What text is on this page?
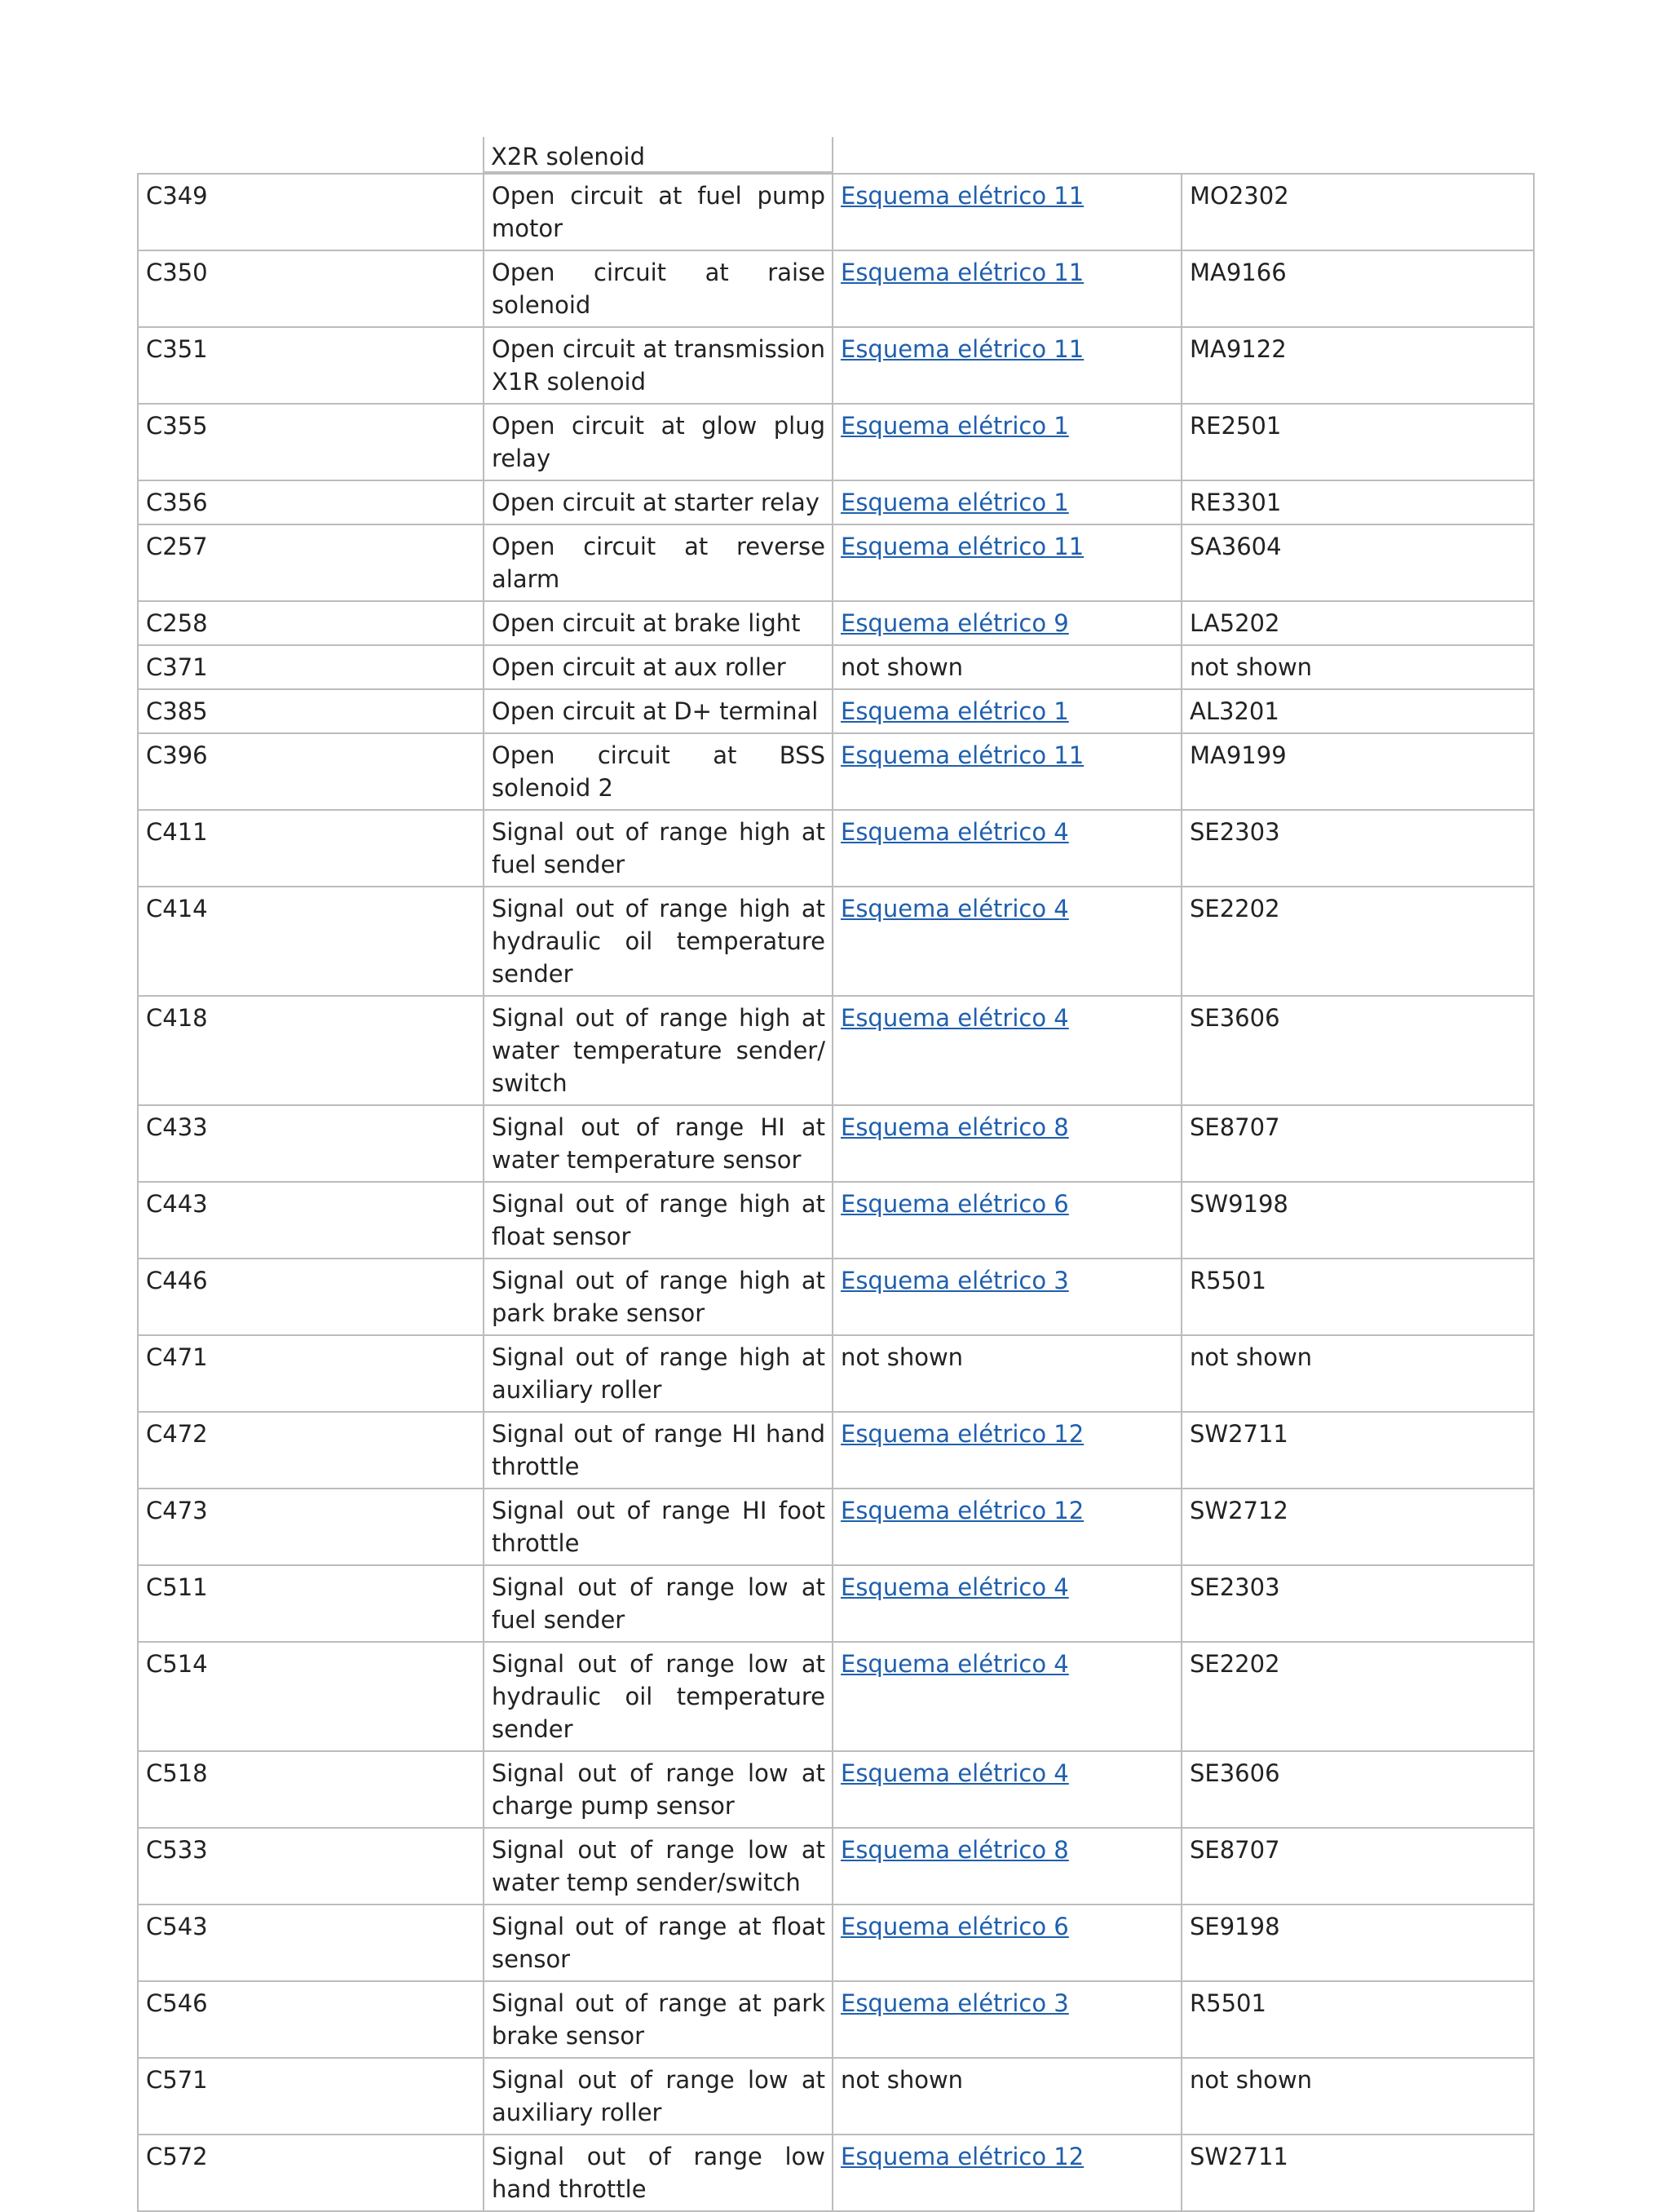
X2R solenoid
C349	Open circuit at fuel pump motor	Esquema elétrico 11	MO2302
C350	Open circuit at raise solenoid	Esquema elétrico 11	MA9166
C351	Open circuit at transmission X1R solenoid	Esquema elétrico 11	MA9122
C355	Open circuit at glow plug relay	Esquema elétrico 1	RE2501
C356	Open circuit at starter relay	Esquema elétrico 1	RE3301
C257	Open circuit at reverse alarm	Esquema elétrico 11	SA3604
C258	Open circuit at brake light	Esquema elétrico 9	LA5202
C371	Open circuit at aux roller	not shown	not shown
C385	Open circuit at D+ terminal	Esquema elétrico 1	AL3201
C396	Open circuit at BSS solenoid 2	Esquema elétrico 11	MA9199
C411	Signal out of range high at fuel sender	Esquema elétrico 4	SE2303
C414	Signal out of range high at hydraulic oil temperature sender	Esquema elétrico 4	SE2202
C418	Signal out of range high at water temperature sender/ switch	Esquema elétrico 4	SE3606
C433	Signal out of range HI at water temperature sensor	Esquema elétrico 8	SE8707
C443	Signal out of range high at float sensor	Esquema elétrico 6	SW9198
C446	Signal out of range high at park brake sensor	Esquema elétrico 3	R5501
C471	Signal out of range high at auxiliary roller	not shown	not shown
C472	Signal out of range HI hand throttle	Esquema elétrico 12	SW2711
C473	Signal out of range HI foot throttle	Esquema elétrico 12	SW2712
C511	Signal out of range low at fuel sender	Esquema elétrico 4	SE2303
C514	Signal out of range low at hydraulic oil temperature sender	Esquema elétrico 4	SE2202
C518	Signal out of range low at charge pump sensor	Esquema elétrico 4	SE3606
C533	Signal out of range low at water temp sender/switch	Esquema elétrico 8	SE8707
C543	Signal out of range at float sensor	Esquema elétrico 6	SE9198
C546	Signal out of range at park brake sensor	Esquema elétrico 3	R5501
C571	Signal out of range low at auxiliary roller	not shown	not shown
C572	Signal out of range low hand throttle	Esquema elétrico 12	SW2711
